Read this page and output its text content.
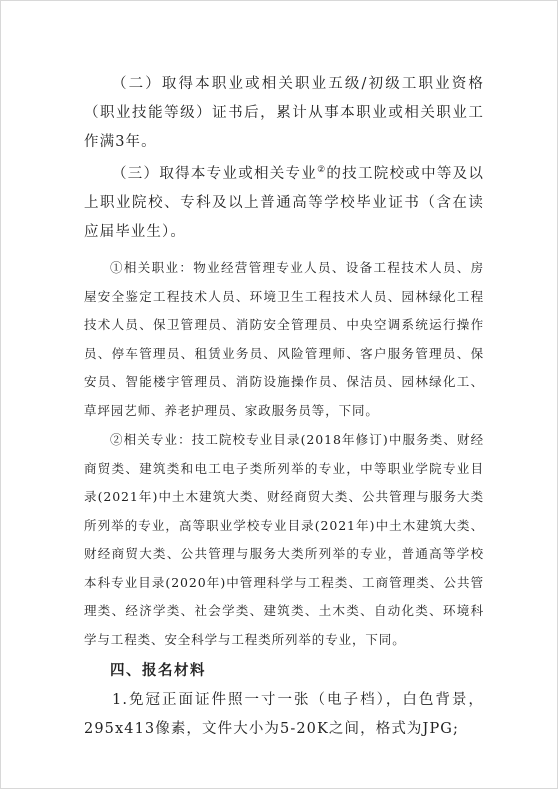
（二）取得本职业或相关职业五级/初级工职业资格（职业技能等级）证书后，累计从事本职业或相关职业工作满3年。

（三）取得本专业或相关专业②的技工院校或中等及以上职业院校、专科及以上普通高等学校毕业证书（含在读应届毕业生）。

①相关职业：物业经营管理专业人员、设备工程技术人员、房屋安全鉴定工程技术人员、环境卫生工程技术人员、园林绿化工程技术人员、保卫管理员、消防安全管理员、中央空调系统运行操作员、停车管理员、租赁业务员、风险管理师、客户服务管理员、保安员、智能楼宇管理员、消防设施操作员、保洁员、园林绿化工、草坪园艺师、养老护理员、家政服务员等，下同。

②相关专业：技工院校专业目录(2018年修订)中服务类、财经商贸类、建筑类和电工电子类所列举的专业，中等职业学院专业目录(2021年)中土木建筑大类、财经商贸大类、公共管理与服务大类所列举的专业，高等职业学校专业目录(2021年)中土木建筑大类、财经商贸大类、公共管理与服务大类所列举的专业，普通高等学校本科专业目录(2020年)中管理科学与工程类、工商管理类、公共管理类、经济学类、社会学类、建筑类、土木类、自动化类、环境科学与工程类、安全科学与工程类所列举的专业，下同。

四、报名材料

1.免冠正面证件照一寸一张（电子档），白色背景，295x413像素，文件大小为5-20K之间，格式为JPG;
